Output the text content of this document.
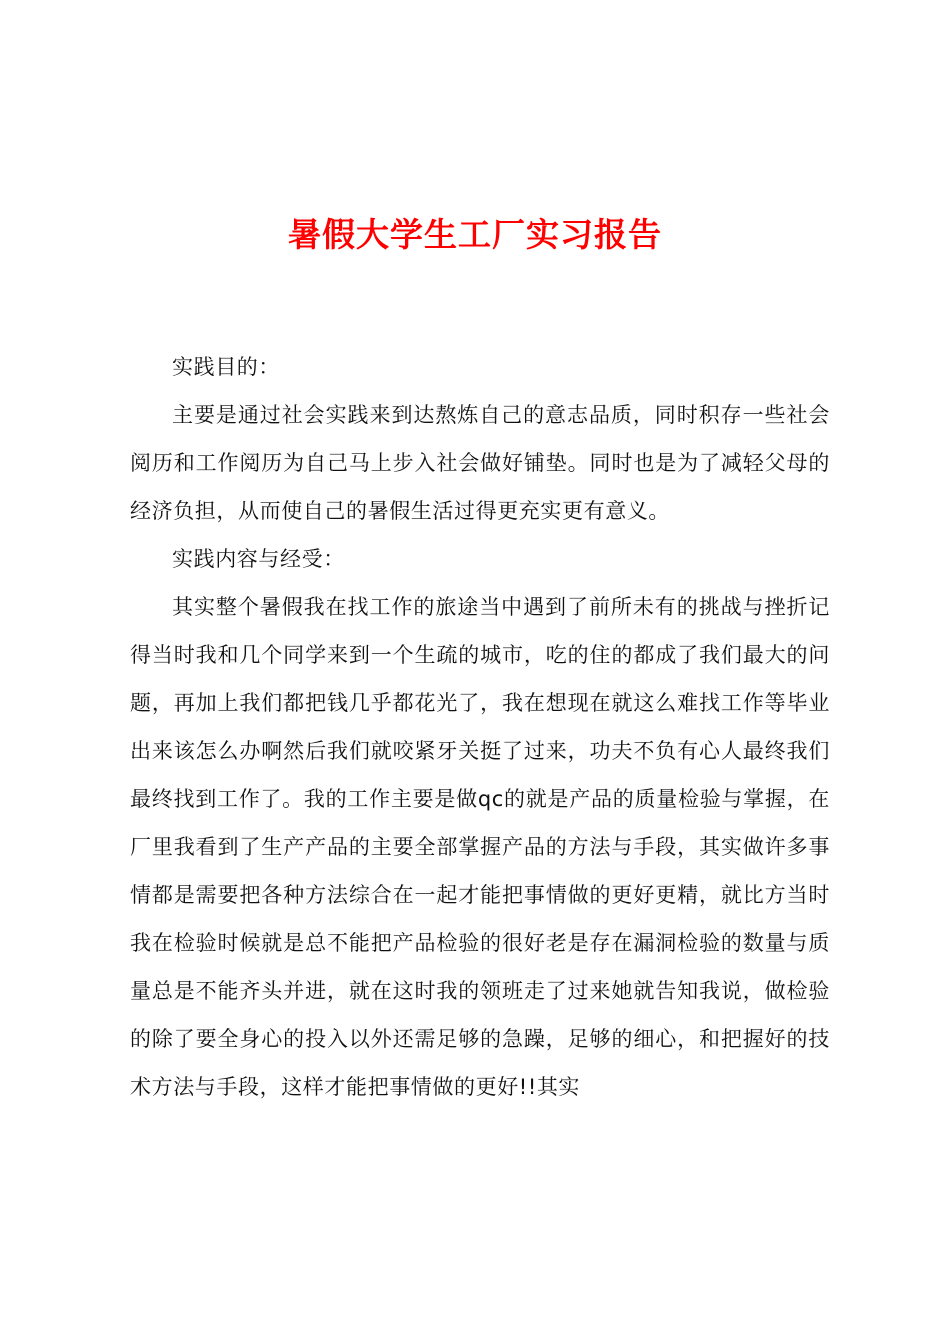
暑假大学生工厂实习报告

实践目的：

主要是通过社会实践来到达熬炼自己的意志品质，同时积存一些社会阅历和工作阅历为自己马上步入社会做好铺垫。同时也是为了减轻父母的经济负担，从而使自己的暑假生活过得更充实更有意义。

实践内容与经受：

其实整个暑假我在找工作的旅途当中遇到了前所未有的挑战与挫折记得当时我和几个同学来到一个生疏的城市，吃的住的都成了我们最大的问题，再加上我们都把钱几乎都花光了，我在想现在就这么难找工作等毕业出来该怎么办啊然后我们就咬紧牙关挺了过来，功夫不负有心人最终我们最终找到工作了。我的工作主要是做qc的就是产品的质量检验与掌握，在厂里我看到了生产产品的主要全部掌握产品的方法与手段，其实做许多事情都是需要把各种方法综合在一起才能把事情做的更好更精，就比方当时我在检验时候就是总不能把产品检验的很好老是存在漏洞检验的数量与质量总是不能齐头并进，就在这时我的领班走了过来她就告知我说，做检验的除了要全身心的投入以外还需足够的急躁，足够的细心，和把握好的技术方法与手段，这样才能把事情做的更好!!其实
